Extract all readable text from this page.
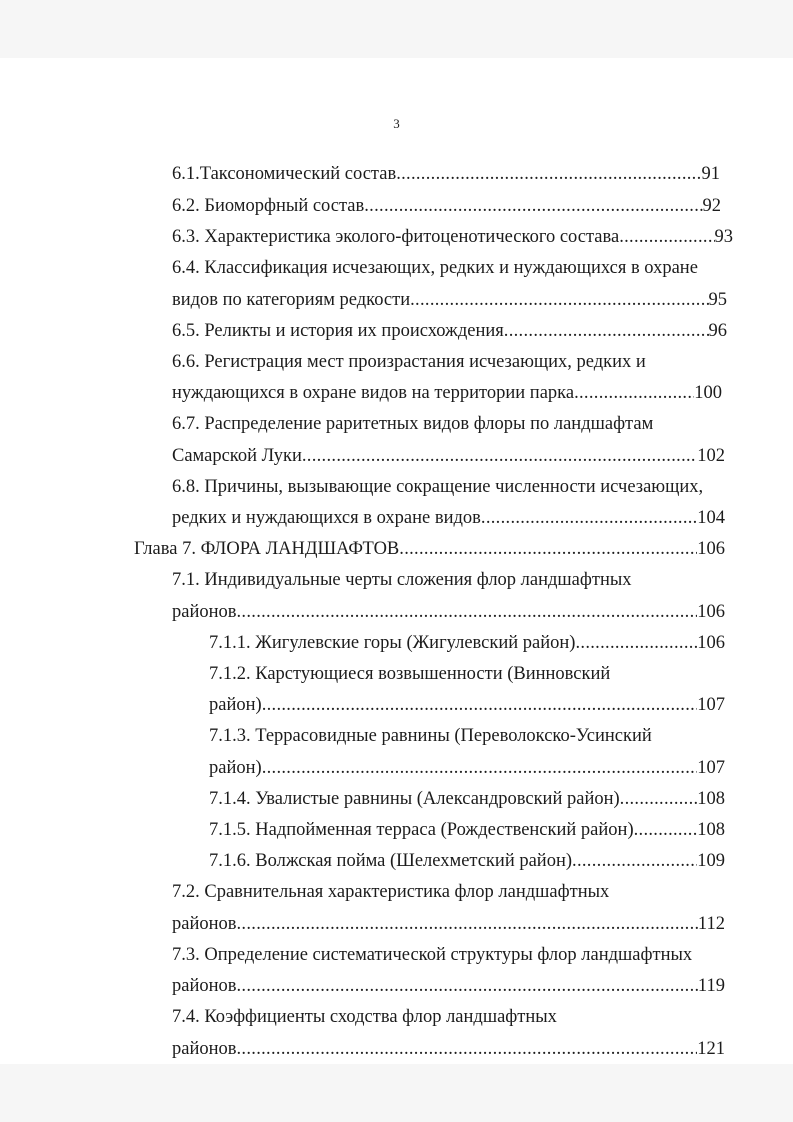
3
6.1.Таксономический состав .....	91
6.2. Биоморфный состав .....	92
6.3. Характеристика эколого-фитоценотического состава .....	93
6.4. Классификация исчезающих, редких и нуждающихся в охране
видов по категориям редкости .....	95
6.5. Реликты и история их происхождения .....	96
6.6. Регистрация мест произрастания исчезающих, редких и
нуждающихся в охране видов на территории парка .....	100
6.7. Распределение раритетных видов флоры по ландшафтам
Самарской Луки .....	102
6.8. Причины, вызывающие сокращение численности исчезающих,
редких и нуждающихся в охране видов .....	104
Глава 7. ФЛОРА ЛАНДШАФТОВ .....	106
7.1. Индивидуальные черты сложения флор ландшафтных
районов .....	106
7.1.1. Жигулевские горы (Жигулевский район) .....	106
7.1.2. Карстующиеся возвышенности (Винновский
район) .....	107
7.1.3. Террасовидные равнины (Переволокско-Усинский
район) .....	107
7.1.4. Увалистые равнины (Александровский район) .....	108
7.1.5. Надпойменная терраса (Рождественский район) .....	108
7.1.6. Волжская пойма (Шелехметский район) .....	109
7.2. Сравнительная характеристика флор ландшафтных
районов .....	112
7.3. Определение систематической структуры флор ландшафтных
районов .....	119
7.4. Коэффициенты сходства флор ландшафтных
районов .....	121
